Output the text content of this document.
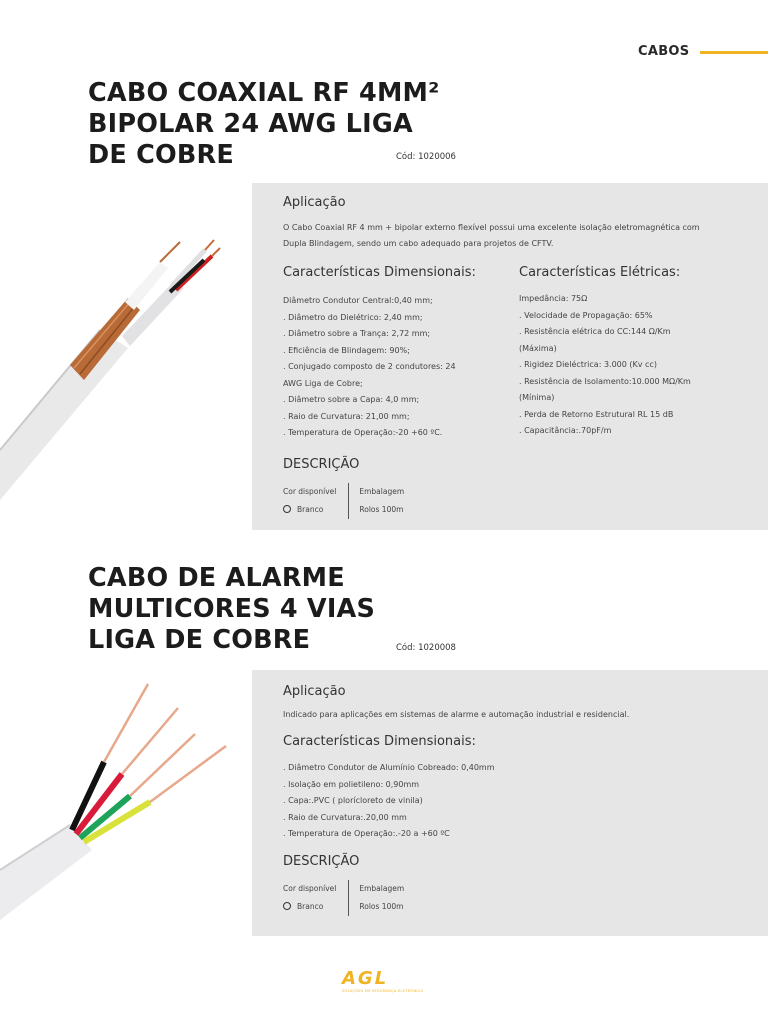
CABOS
CABO COAXIAL RF 4MM²
BIPOLAR 24 AWG LIGA
DE COBRE	Cód: 1020006
Aplicação
O Cabo Coaxial RF 4 mm + bipolar externo flexível possui uma excelente isolação eletromagnética com Dupla Blindagem, sendo um cabo adequado para projetos de CFTV.
Características Dimensionais:
Diâmetro Condutor Central:0,40 mm;
. Diâmetro do Dielétrico: 2,40 mm;
. Diâmetro sobre a Trança: 2,72 mm;
. Eficiência de Blindagem: 90%;
. Conjugado composto de 2 condutores: 24
AWG Liga de Cobre;
. Diâmetro sobre a Capa: 4,0 mm;
. Raio de Curvatura: 21,00 mm;
. Temperatura de Operação:-20 +60 ºC.
Características Elétricas:
Impedância: 75Ω
. Velocidade de Propagação: 65%
. Resistência elétrica do CC:144 Ω/Km
(Máxima)
. Rigidez Dieléctrica: 3.000 (Kv cc)
. Resistência de Isolamento:10.000 MΩ/Km
(Mínima)
. Perda de Retorno Estrutural RL 15 dB
. Capacitância:.70pF/m
DESCRIÇÃO
Cor disponível
Branco
Embalagem
Rolos 100m
CABO DE ALARME
MULTICORES 4 VIAS
LIGA DE COBRE	Cód: 1020008
Aplicação
Indicado para aplicações em sistemas de alarme e automação industrial e residencial.
Características Dimensionais:
. Diâmetro Condutor de Alumínio Cobreado: 0,40mm
. Isolação em polietileno: 0,90mm
. Capa:.PVC ( plorícloreto de vinila)
. Raio de Curvatura:.20,00 mm
. Temperatura de Operação:.-20 a +60 ºC
DESCRIÇÃO
Cor disponível
Branco
Embalagem
Rolos 100m
AGL
SOLUÇÕES EM SEGURANÇA ELETRÔNICA
